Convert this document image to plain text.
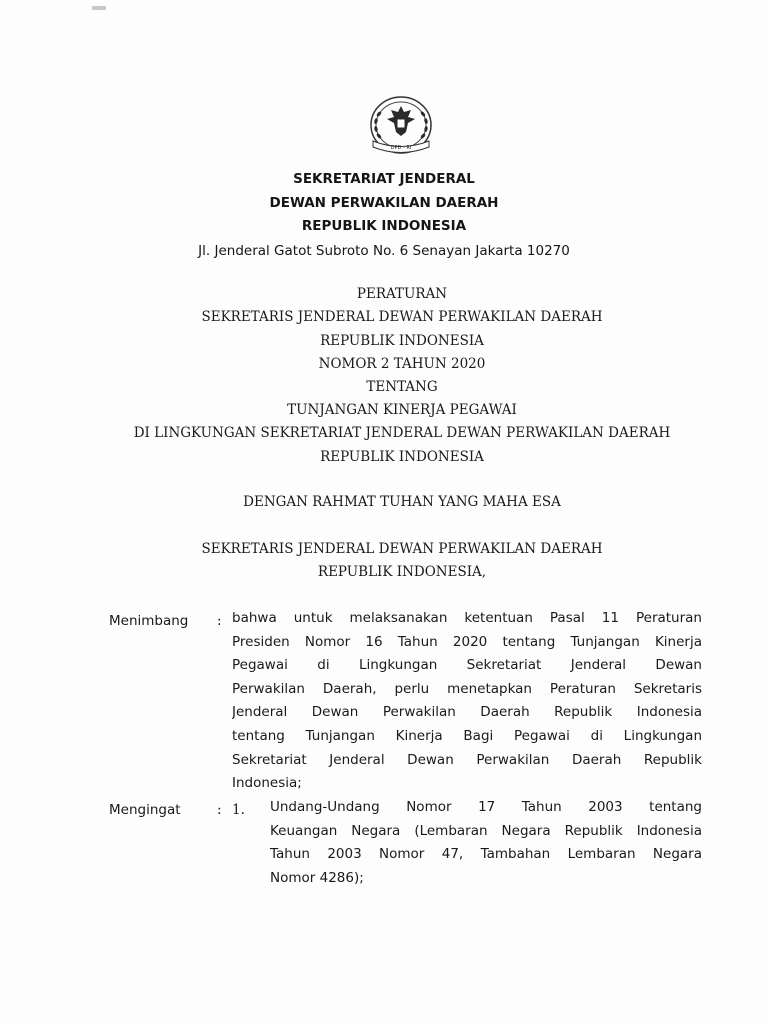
DPD - RI
SEKRETARIAT JENDERAL
DEWAN PERWAKILAN DAERAH
REPUBLIK INDONESIA
Jl. Jenderal Gatot Subroto No. 6 Senayan Jakarta 10270
PERATURAN
SEKRETARIS JENDERAL DEWAN PERWAKILAN DAERAH
REPUBLIK INDONESIA
NOMOR 2 TAHUN 2020
TENTANG
TUNJANGAN KINERJA PEGAWAI
DI LINGKUNGAN SEKRETARIAT JENDERAL DEWAN PERWAKILAN DAERAH
REPUBLIK INDONESIA
DENGAN RAHMAT TUHAN YANG MAHA ESA
SEKRETARIS JENDERAL DEWAN PERWAKILAN DAERAH
REPUBLIK INDONESIA,
Menimbang : bahwa untuk melaksanakan ketentuan Pasal 11 Peraturan
Presiden Nomor 16 Tahun 2020 tentang Tunjangan Kinerja
Pegawai di Lingkungan Sekretariat Jenderal Dewan
Perwakilan Daerah, perlu menetapkan Peraturan Sekretaris
Jenderal Dewan Perwakilan Daerah Republik Indonesia
tentang Tunjangan Kinerja Bagi Pegawai di Lingkungan
Sekretariat Jenderal Dewan Perwakilan Daerah Republik
Indonesia;
Mengingat	: 1. Undang-Undang Nomor 17 Tahun 2003 tentang
Keuangan Negara (Lembaran Negara Republik Indonesia
Tahun 2003 Nomor 47, Tambahan Lembaran Negara
Nomor 4286);
